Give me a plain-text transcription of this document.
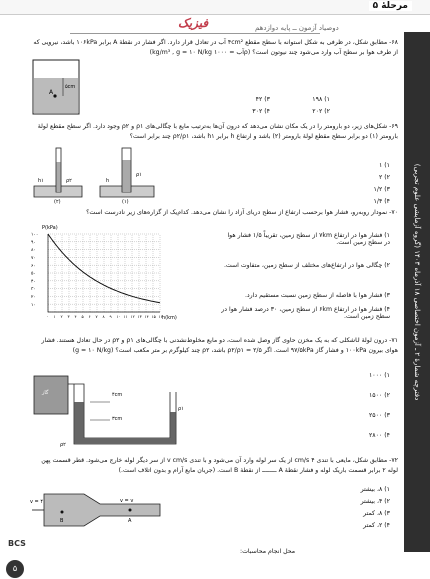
مرحلۀ ۵
فیزیک	دوصیاد آزمون ــ پایه دوازدهم
دفترچه شمارۀ ۲ ـ آزمون اختصاصی ۱۸ آذرماه ۱۴۰۳ (گروه آزمایشی علوم تجربی)
۶۸- مطابق شکل، در ظرفی به شکل استوانه با سطح مقطع ۴cm² آب در تعادل قرار دارد. اگر فشار در نقطۀ A برابر ۱۰۶kPa باشد، نیرویی که از طرف هوا بر سطح آب وارد می‌شود چند نیوتون است؟ (ρآب = ۱۰۰۰ kg/m³ , g = ۱۰ N/kg)
۱) ۱۹۸
۲) ۲۰۲
۳) ۴۲
۴) ۳۰۲
A
۵cm
۶۹- شکل‌های زیر، دو بارومتر را در یک مکان نشان می‌دهد که درون آن‌ها به‌ترتیب مایع با چگالی‌های ρ۱ و ρ۲ وجود دارد. اگر سطح مقطع لولۀ بارومتر (۱) دو برابر سطح مقطع لولۀ بارومتر (۲) باشد و ارتفاع h برابر h۱ باشد، ρ۲/ρ۱ چند برابر است؟
۱) ۱
۲) ۲
۳) ۱/۲
۴) ۱/۴
h۱	ρ۲
(۲)
h
ρ۱
(۱)
۷۰- نمودار روبه‌رو، فشار هوا برحسب ارتفاع از سطح دریای آزاد را نشان می‌دهد. کدام‌یک از گزاره‌های زیر نادرست است؟
۱) فشار هوا در ارتفاع ۷km از سطح زمین، تقریباً ۱/۵ فشار هوا در سطح زمین است.
۲) چگالی هوا در ارتفاع‌های مختلف از سطح زمین، متفاوت است.
۳) فشار هوا با فاصله از سطح زمین نسبت مستقیم دارد.
۴) فشار هوا در ارتفاع ۶km از سطح زمین، ۳۰ درصد فشار هوا در سطح زمین است.
P(kPa)
h(km)
۱۰۰
۹۰
۸۰
۷۰
۶۰
۵۰
۴۰
۳۰
۲۰
۱۰
۰ ۱ ۲ ۳ ۴ ۵ ۶ ۷ ۸ ۹ ۱۰ ۱۱ ۱۲ ۱۳ ۱۴ ۱۵ ۱۶
۷۱- درون لولۀ U‌شکلی که به یک مخزن حاوی گاز وصل شده است، دو مایع مخلوط‌نشدنی با چگالی‌های ρ۱ و ρ۲ در حال تعادل هستند. فشار هوای بیرون ۱۰۰kPa و فشار گاز ۹۷/۵kPa است. اگر ρ۲/ρ۱ = ۲/۵ باشد، ρ۲ چند کیلوگرم بر متر مکعب است؟ (g = ۱۰ N/kg)
۱) ۱۰۰۰
۲) ۱۵۰۰
۳) ۲۵۰۰
۴) ۲۸۰۰
گاز	۴cm
۳cm
ρ۱
ρ۲
۷۲- مطابق شکل، مایعی با تندی ۴ cm/s از یک سر لوله وارد آن می‌شود و با تندی v cm/s از سر دیگر لوله خارج می‌شود. قطر قسمت پهن لوله ۲ برابر قسمت باریک لوله و فشار نقطۀ A ــــــــ از نقطۀ B است. (جریان مایع آرام و بدون اتلاف است.)
۱) ۸، بیشتر
۲) ۴، بیشتر
۳) ۸، کمتر
۴) ۲، کمتر
v = ۴	v = v
B	A
محل انجام محاسبات:
BCS
۵
